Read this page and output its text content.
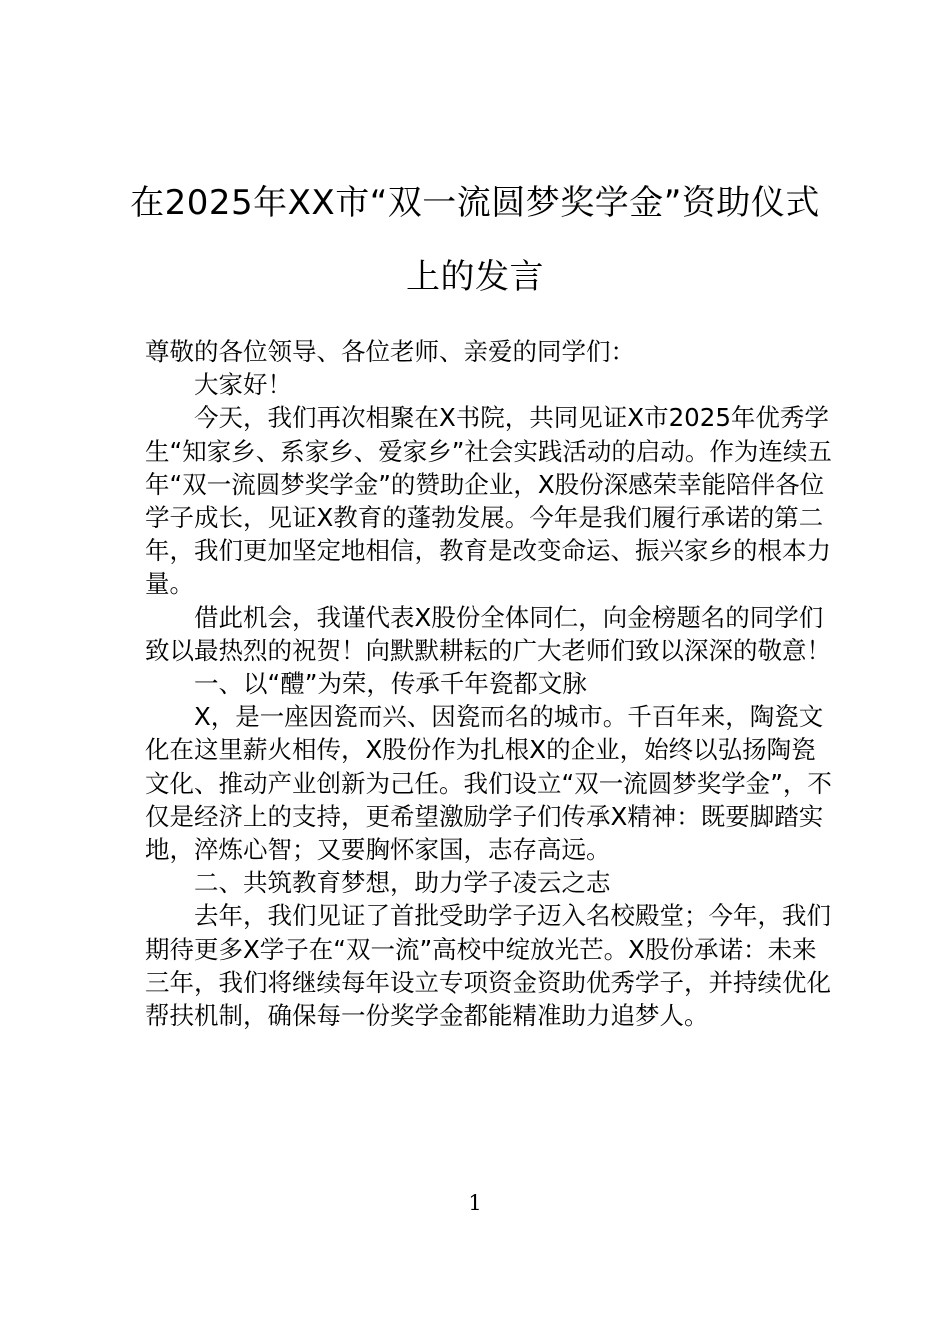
在2025年XX市“双一流圆梦奖学金”资助仪式上的发言

尊敬的各位领导、各位老师、亲爱的同学们：

大家好！

今天，我们再次相聚在X书院，共同见证X市2025年优秀学生“知家乡、系家乡、爱家乡”社会实践活动的启动。作为连续五年“双一流圆梦奖学金”的赞助企业，X股份深感荣幸能陪伴各位学子成长，见证X教育的蓬勃发展。今年是我们履行承诺的第二年，我们更加坚定地相信，教育是改变命运、振兴家乡的根本力量。

借此机会，我谨代表X股份全体同仁，向金榜题名的同学们致以最热烈的祝贺！向默默耕耘的广大老师们致以深深的敬意！

一、以“醴”为荣，传承千年瓷都文脉

X，是一座因瓷而兴、因瓷而名的城市。千百年来，陶瓷文化在这里薪火相传，X股份作为扎根X的企业，始终以弘扬陶瓷文化、推动产业创新为己任。我们设立“双一流圆梦奖学金”，不仅是经济上的支持，更希望激励学子们传承X精神：既要脚踏实地，淬炼心智；又要胸怀家国，志存高远。

二、共筑教育梦想，助力学子凌云之志

去年，我们见证了首批受助学子迈入名校殿堂；今年，我们期待更多X学子在“双一流”高校中绽放光芒。X股份承诺：未来三年，我们将继续每年设立专项资金资助优秀学子，并持续优化帮扶机制，确保每一份奖学金都能精准助力追梦人。

1
